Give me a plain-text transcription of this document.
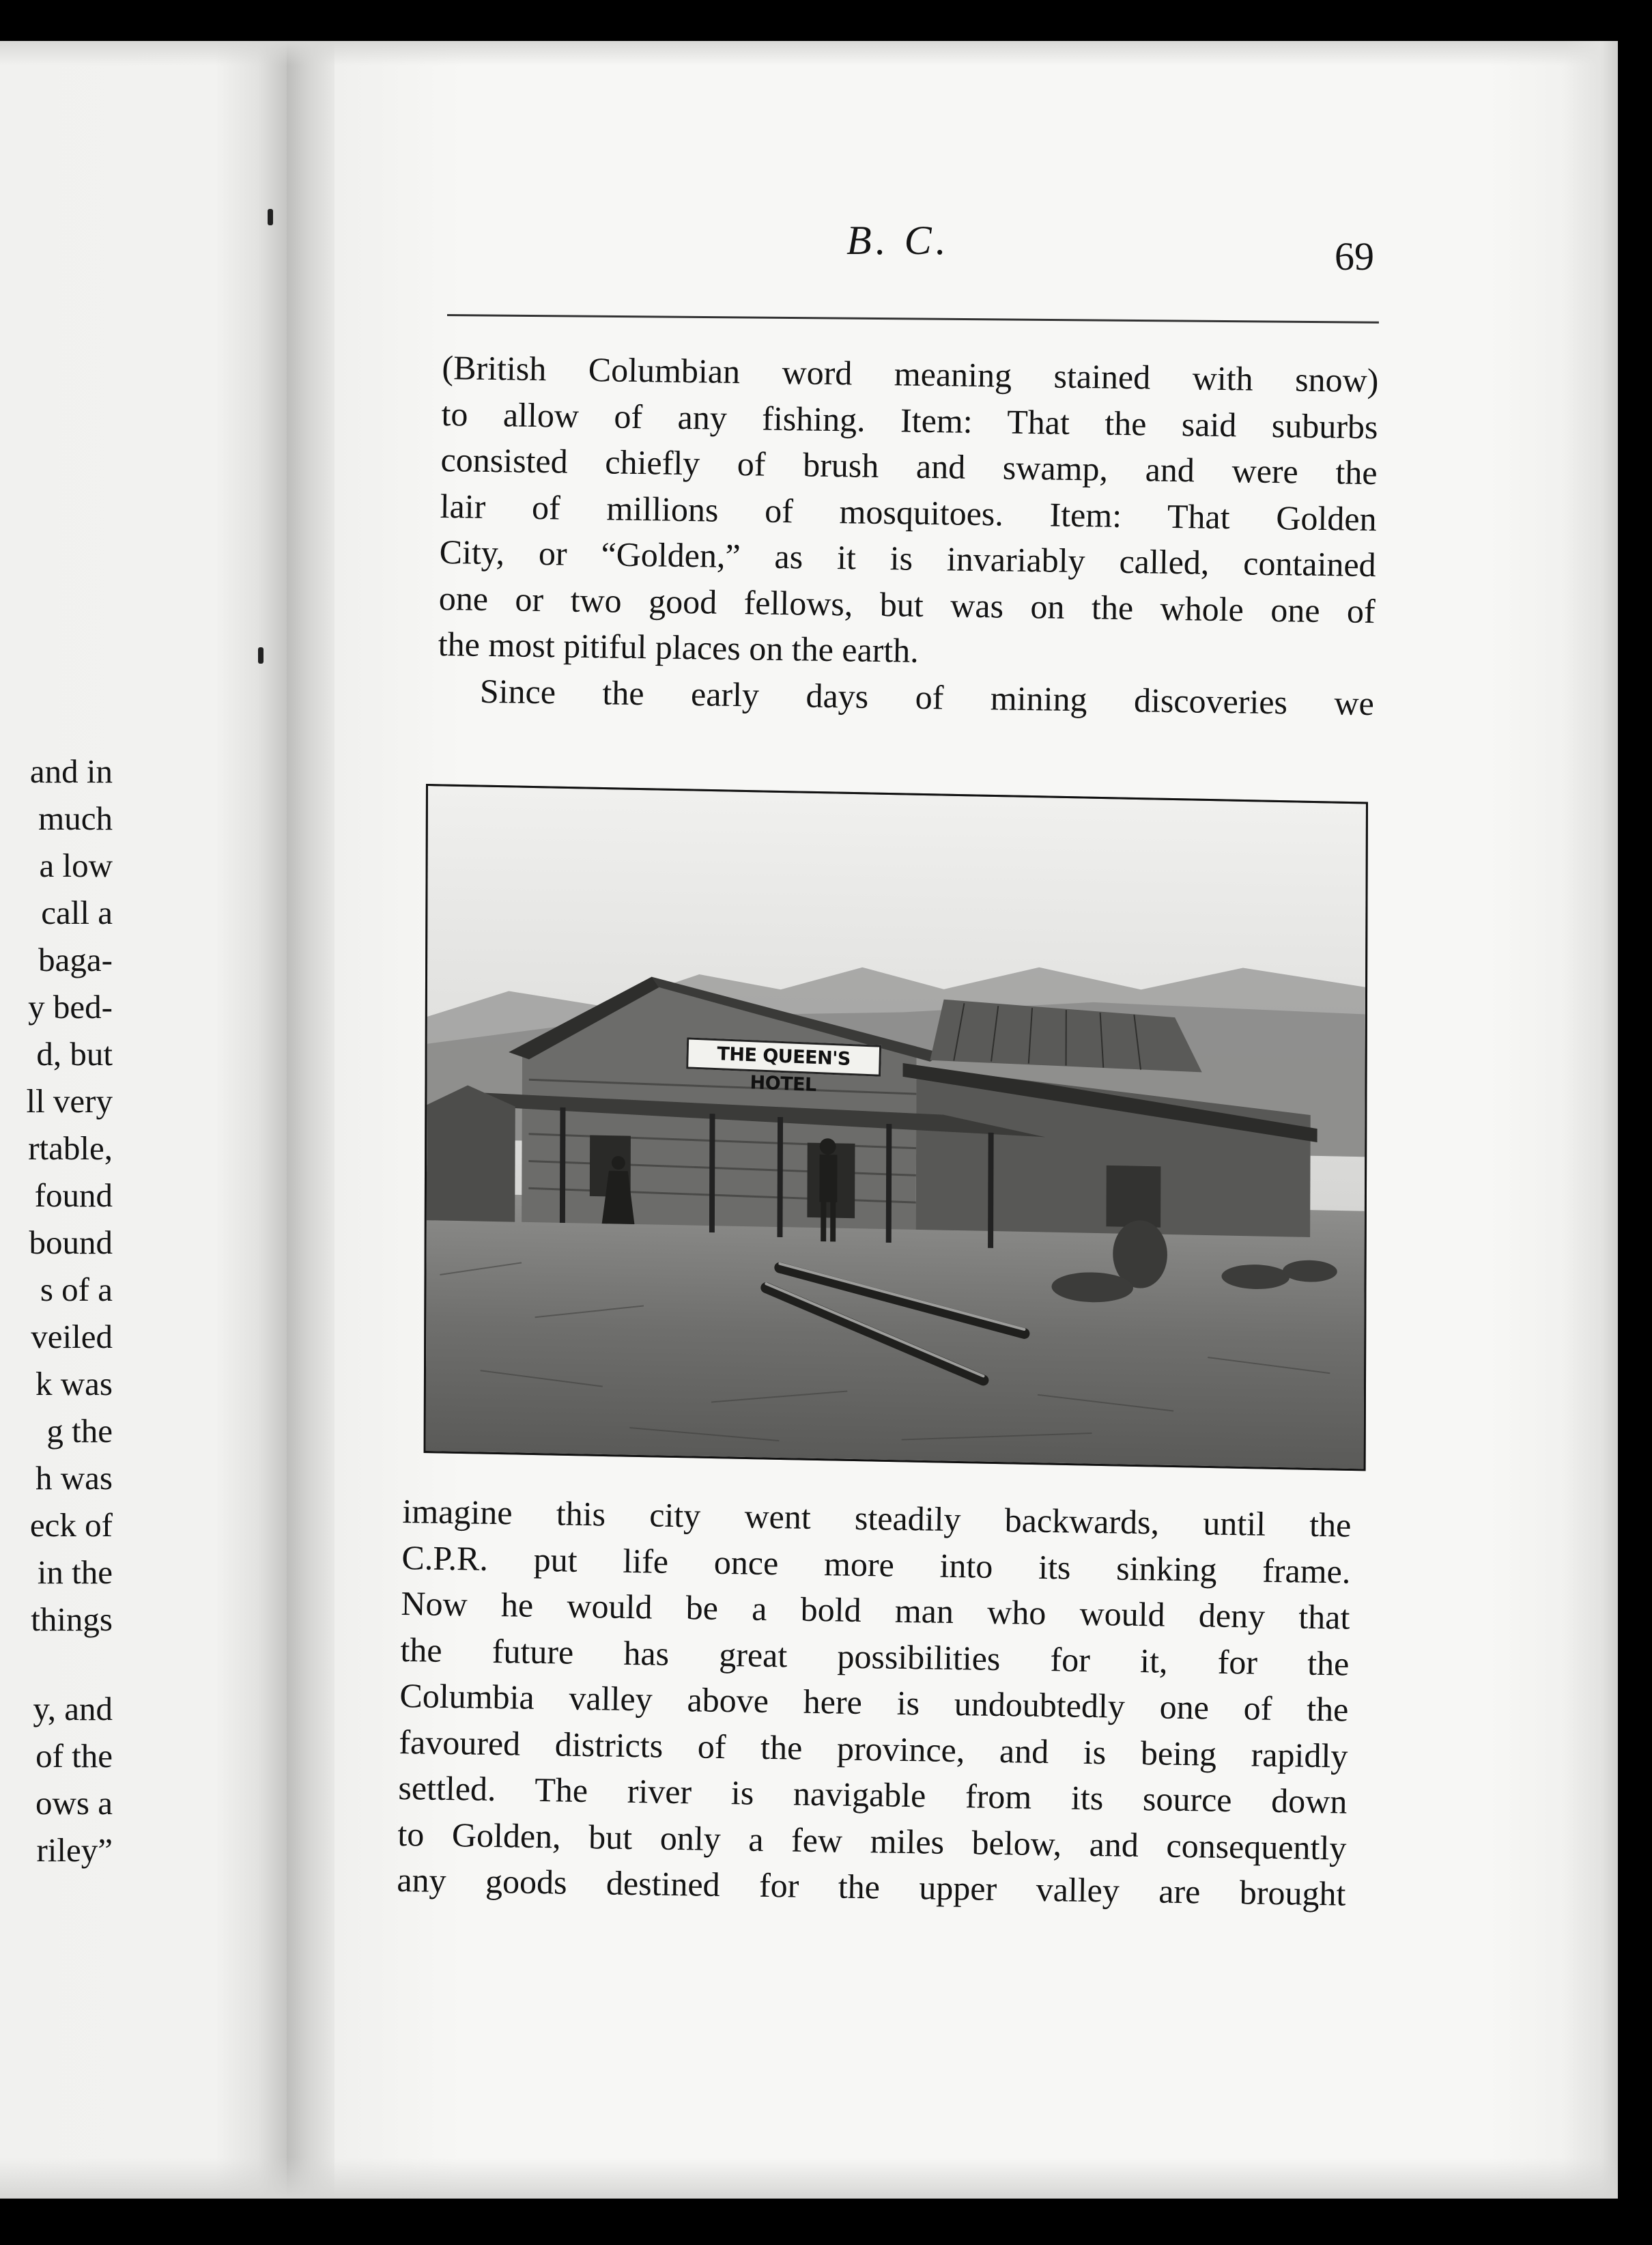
and in
much
a low
call a
baga-
y bed-
d, but
ll very
rtable,
found
bound
s of a
veiled
k was
g the
h was
eck of
in the
things
y, and
of the
ows a
riley”
B. C.	69
(British Columbian word meaning stained with snow)
to allow of any fishing. Item: That the said suburbs
consisted chiefly of brush and swamp, and were the
lair of millions of mosquitoes. Item: That Golden
City, or “Golden,” as it is invariably called, contained
one or two good fellows, but was on the whole one of
the most pitiful places on the earth.
Since the early days of mining discoveries we
THE QUEEN'S HOTEL
imagine this city went steadily backwards, until the
C.P.R. put life once more into its sinking frame.
Now he would be a bold man who would deny that
the future has great possibilities for it, for the
Columbia valley above here is undoubtedly one of the
favoured districts of the province, and is being rapidly
settled. The river is navigable from its source down
to Golden, but only a few miles below, and consequently
any goods destined for the upper valley are brought
